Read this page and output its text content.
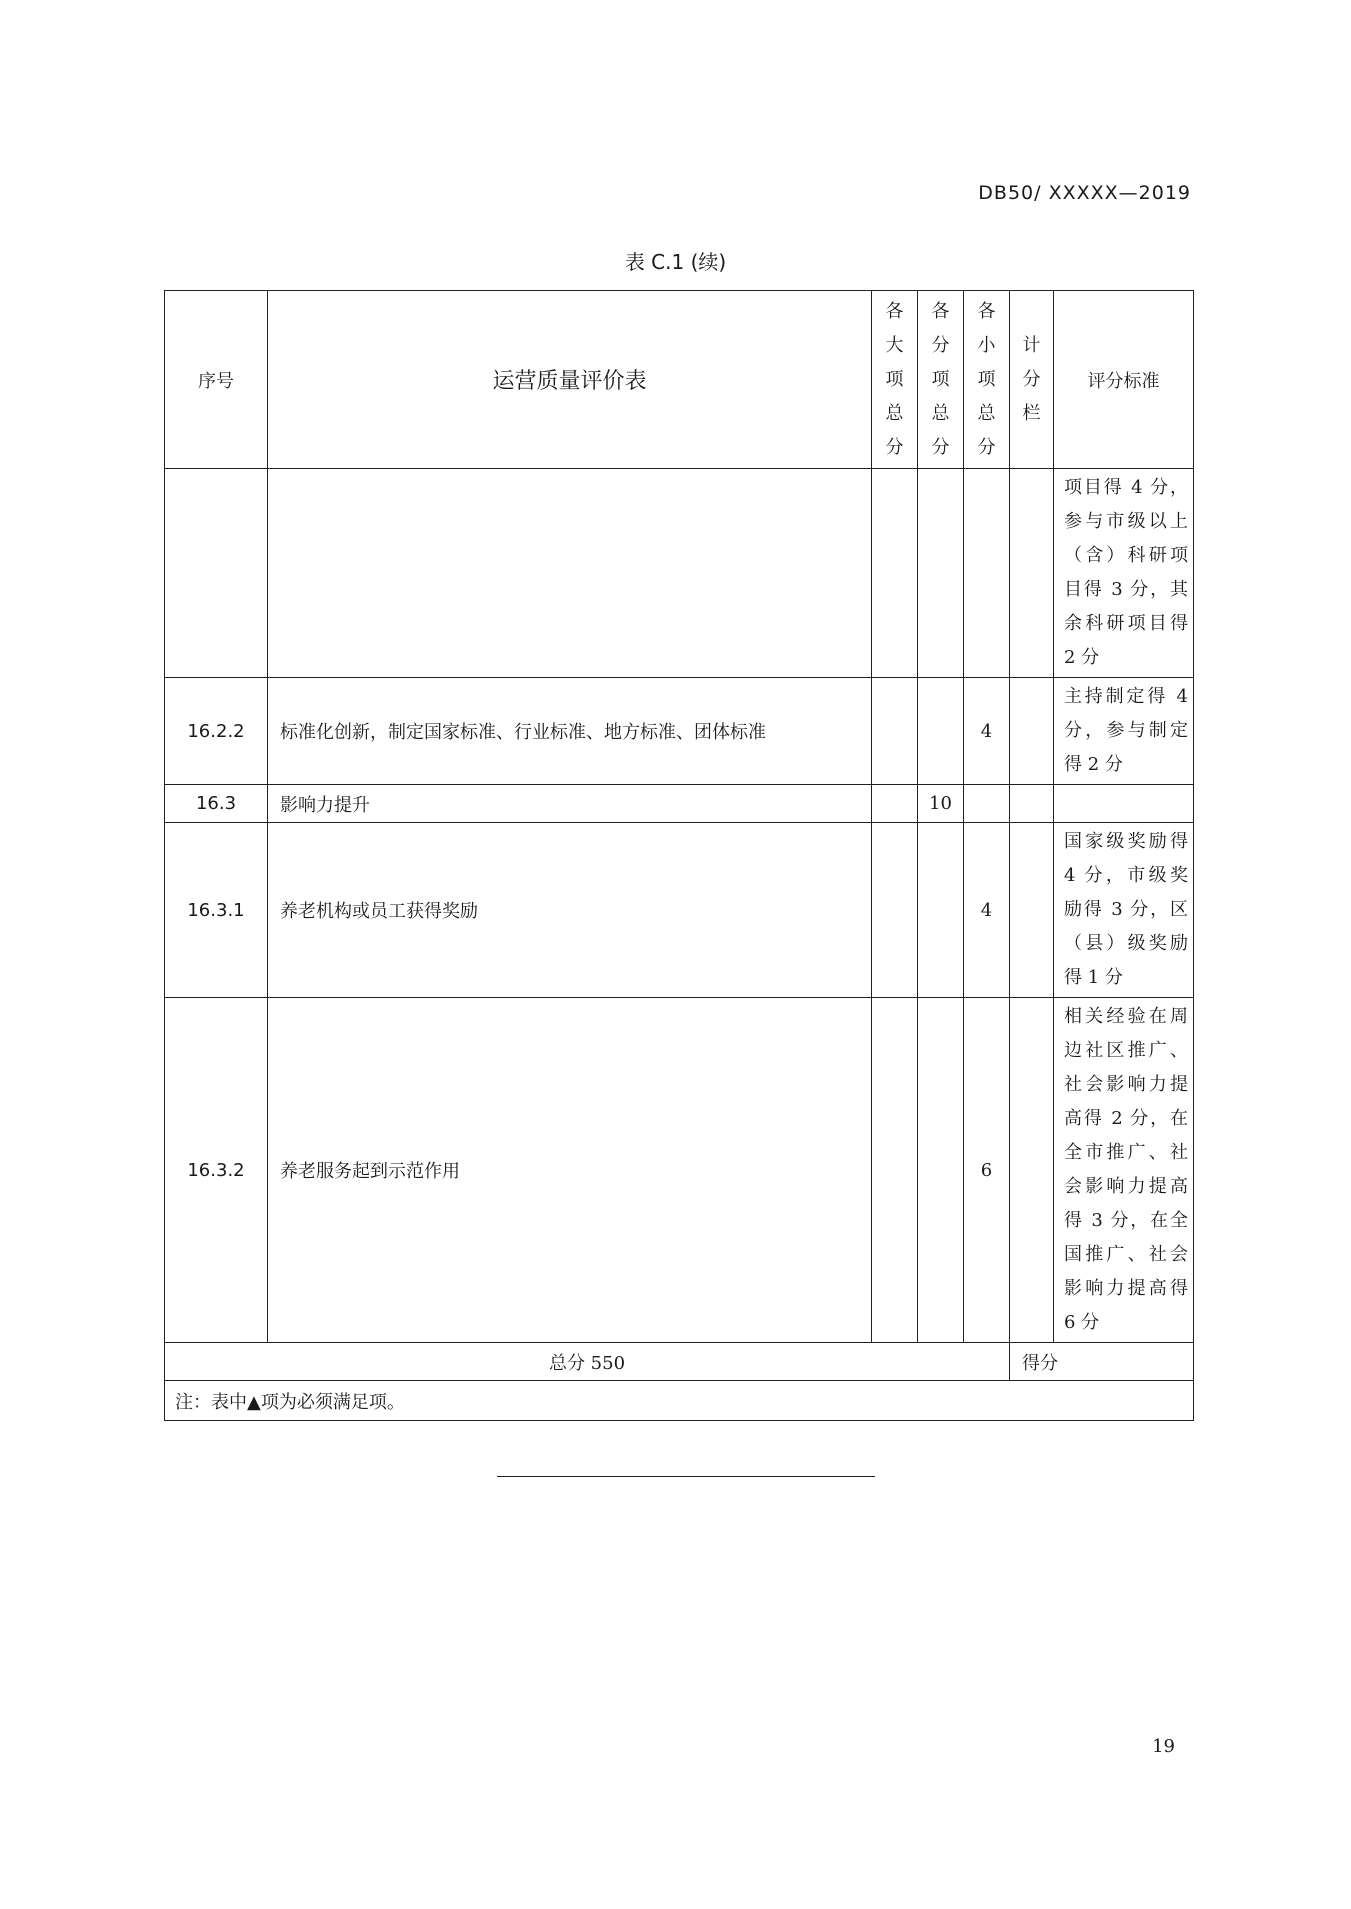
DB50/ XXXXX—2019
表 C.1 (续)
序号	运营质量评价表	各
大
项
总
分	各
分
项
总
分	各
小
项
总
分	计
分
栏	评分标准
						项目得 4 分，参与市级以上（含）科研项目得 3 分，其余科研项目得 2 分
16.2.2	标准化创新，制定国家标准、行业标准、地方标准、团体标准			4		主持制定得 4 分，参与制定得 2 分
16.3	影响力提升		10			
16.3.1	养老机构或员工获得奖励			4		国家级奖励得 4 分，市级奖励得 3 分，区（县）级奖励得 1 分
16.3.2	养老服务起到示范作用			6		相关经验在周边社区推广、社会影响力提高得 2 分，在全市推广、社会影响力提高得 3 分，在全国推广、社会影响力提高得 6 分
总分 550					得分	
注：表中▲项为必须满足项。						
19
